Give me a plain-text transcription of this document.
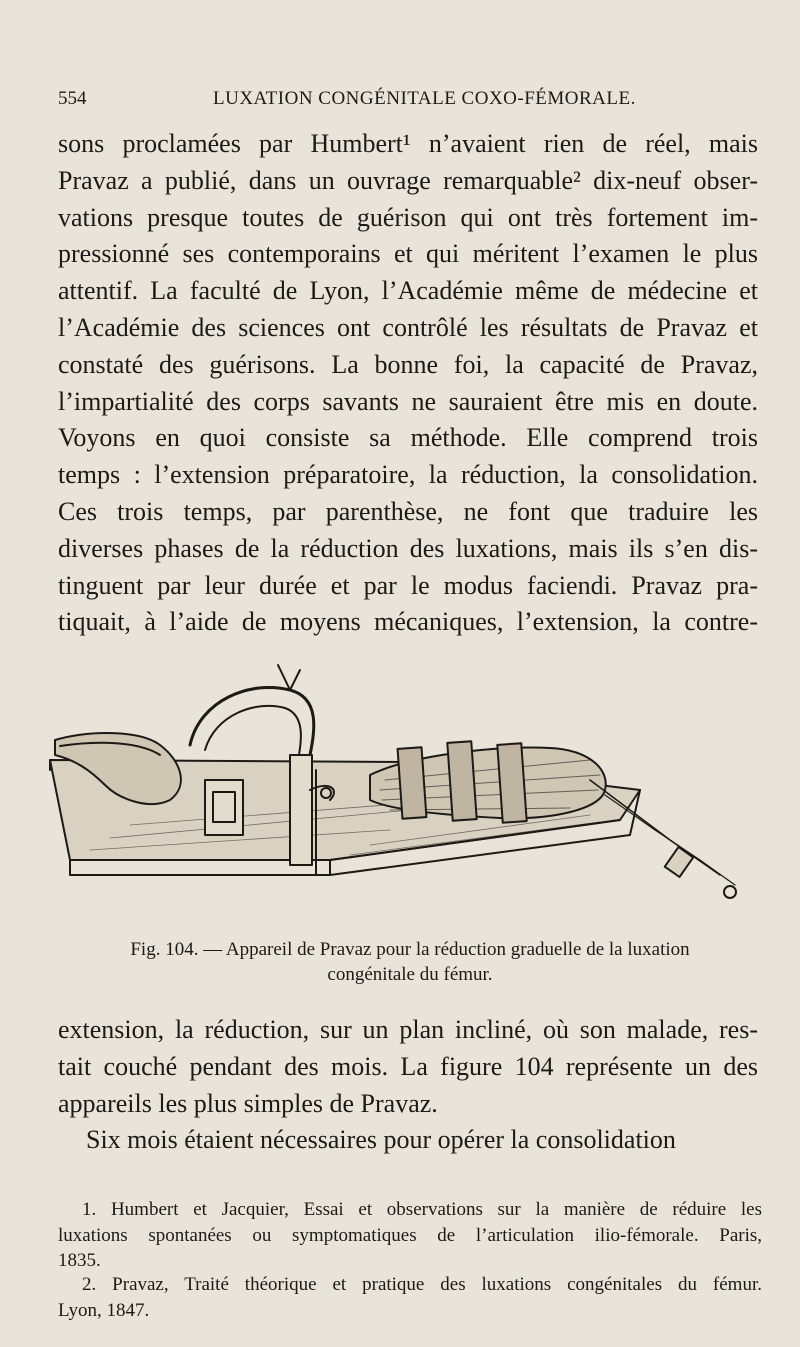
554	LUXATION CONGÉNITALE COXO-FÉMORALE.
sons proclamées par Humbert¹ n’avaient rien de réel, mais
Pravaz a publié, dans un ouvrage remarquable² dix-neuf obser-
vations presque toutes de guérison qui ont très fortement im-
pressionné ses contemporains et qui méritent l’examen le plus
attentif. La faculté de Lyon, l’Académie même de médecine et
l’Académie des sciences ont contrôlé les résultats de Pravaz et
constaté des guérisons. La bonne foi, la capacité de Pravaz,
l’impartialité des corps savants ne sauraient être mis en doute.
Voyons en quoi consiste sa méthode. Elle comprend trois
temps : l’extension préparatoire, la réduction, la consolidation.
Ces trois temps, par parenthèse, ne font que traduire les
diverses phases de la réduction des luxations, mais ils s’en dis-
tinguent par leur durée et par le modus faciendi. Pravaz pra-
tiquait, à l’aide de moyens mécaniques, l’extension, la contre-
Fig. 104. — Appareil de Pravaz pour la réduction graduelle de la luxation
congénitale du fémur.
extension, la réduction, sur un plan incliné, où son malade, res-
tait couché pendant des mois. La figure 104 représente un des
appareils les plus simples de Pravaz.
Six mois étaient nécessaires pour opérer la consolidation
1. Humbert et Jacquier, Essai et observations sur la manière de réduire les
luxations spontanées ou symptomatiques de l’articulation ilio-fémorale. Paris,
1835.
2. Pravaz, Traité théorique et pratique des luxations congénitales du fémur.
Lyon, 1847.
